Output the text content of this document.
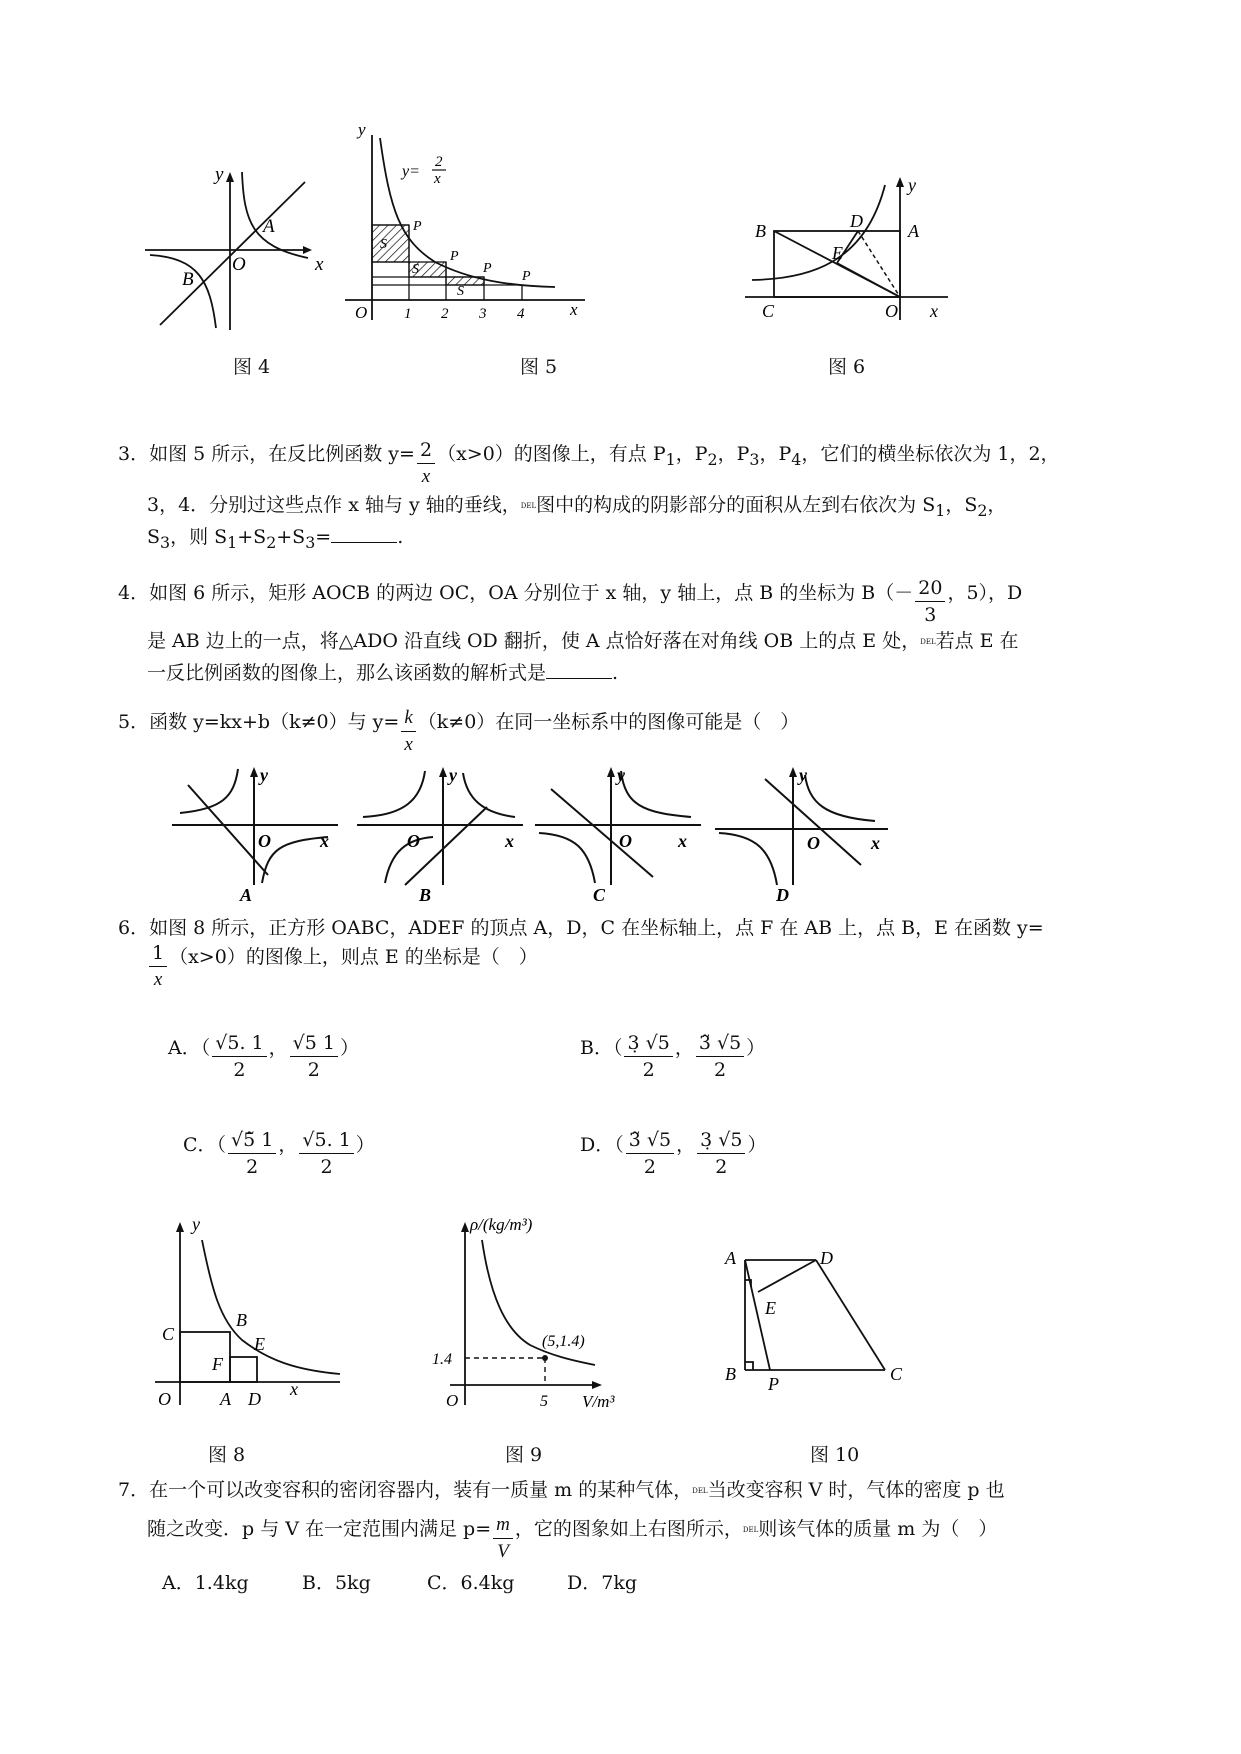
y
x
O
A
B
图 4
y
x
O
y=
2
x
P
P
P
P
S
S
S
1 2 3 4
图 5
y
x
O
A
B
C
D
E
图 6
3．如图 5 所示，在反比例函数 $y= \frac{2}{x} (x>0)$的图像上，有点 $P_1$，$P_2$，$P_3$，$P_4$，它们的横坐标依次为 1，2，
3，4．分别过这些点作 x 轴与 y 轴的垂线，DEL图中的构成的阴影部分的面积从左到右依次为 $S_1$，$S_2$，
$S_3$，则 $S_1+S_2+S_3=$	.
4．如图 6 所示，矩形 AOCB 的两边 OC，OA 分别位于 x 轴，y 轴上，点 B 的坐标为 $B(- \frac{20}{3}$ ，5），D
是 AB 边上的一点，将△ADO 沿直线 OD 翻折，使 A 点恰好落在对角线 OB 上的点 E 处，DEL若点 E 在
一反比例函数的图像上，那么该函数的解析式是	.
5．函数 y=kx+b（k≠0）与 $y= \frac{k}{x} (k\ne 0)$在同一坐标系中的图像可能是（　）
y
x
O
A
y
x
O
B
y
x
O
C
y
x
O
D
6．如图 8 所示，正方形 OABC，ADEF 的顶点 A，D，C 在坐标轴上，点 F 在 AB 上，点 B，E 在函数 y=
$\frac{1}{x} (x>0)$的图像上，则点 E 的坐标是（　）
A．（ $\frac{√5. 1}{2}$ ， $\frac{√5 1}{2}$ ）	B．（ $\frac{3̣ √5}{2}$ ， $\frac{3̃ √5}{2}$ ）
C．（ $\frac{√5̃ 1}{2}$ ， $\frac{√5. 1}{2}$ ）	D．（ $\frac{3̃ √5}{2}$ ， $\frac{3̣ √5}{2}$ ）
y
x
O	A
B
C
D
E
F
图 8
ρ/(kg/m³)
V/m³
O
1.4
5
(5,1.4)
图 9
A
B	C
D
E
P
图 10
7．在一个可以改变容积的密闭容器内，装有一质量 m 的某种气体，DEL当改变容积 V 时，气体的密度 p 也
随之改变．p 与 V 在一定范围内满足 $p= \frac{m}{V}$ ，它的图象如上右图所示，DEL则该气体的质量 m 为（　）
A．1.4kg	B．5kg	C．6.4kg	D．7kg
